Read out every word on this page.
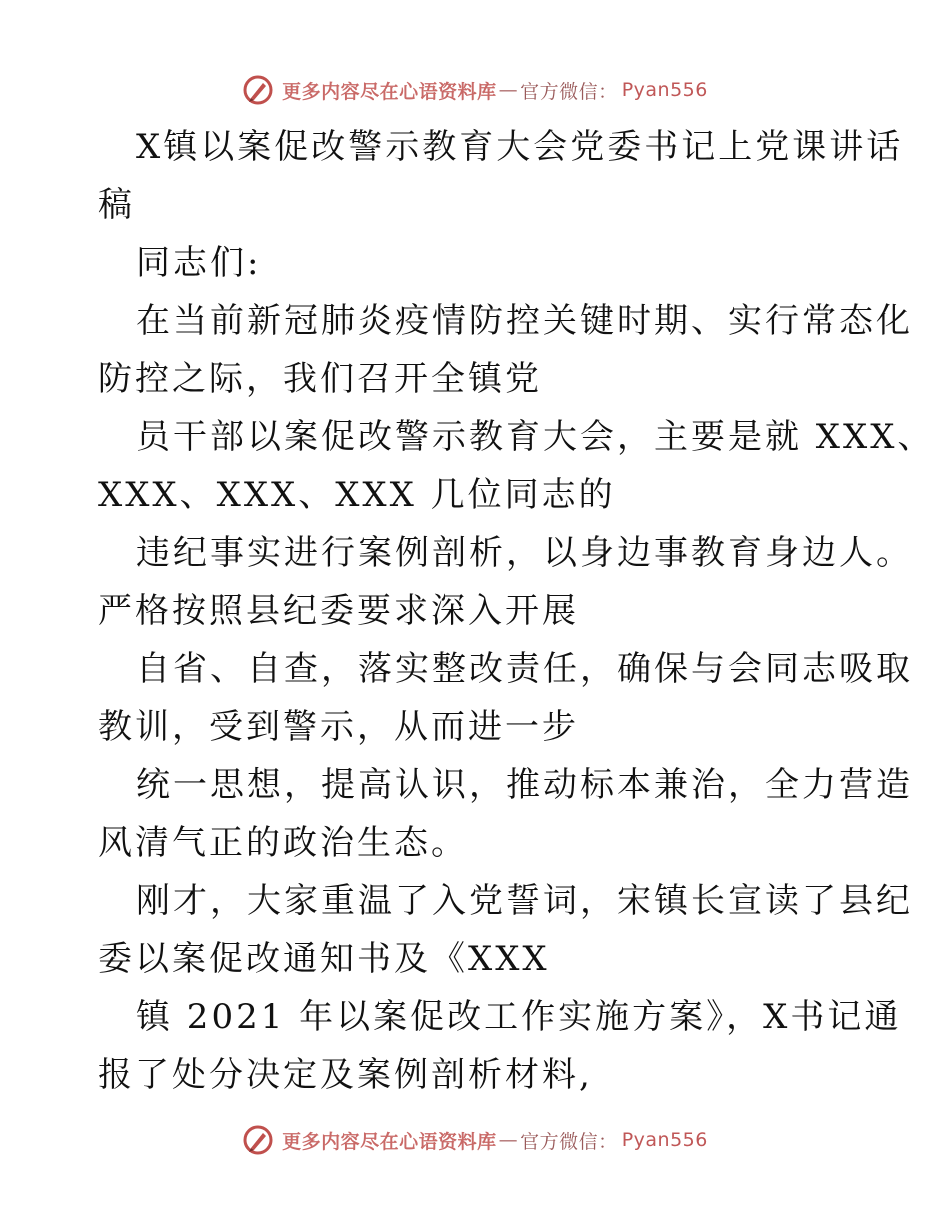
更多内容尽在心语资料库 — 官方微信： Pyan556
X镇以案促改警示教育大会党委书记上党课讲话
稿
同志们:
在当前新冠肺炎疫情防控关键时期、实行常态化
防控之际，我们召开全镇党
员干部以案促改警示教育大会，主要是就 XXX、
XXX、XXX、XXX 几位同志的
违纪事实进行案例剖析，以身边事教育身边人。
严格按照县纪委要求深入开展
自省、自查，落实整改责任，确保与会同志吸取
教训，受到警示，从而进一步
统一思想，提高认识，推动标本兼治，全力营造
风清气正的政治生态。
刚才，大家重温了入党誓词，宋镇长宣读了县纪
委以案促改通知书及《XXX
镇 2021 年以案促改工作实施方案》，X书记通
报了处分决定及案例剖析材料,
更多内容尽在心语资料库 — 官方微信： Pyan556
